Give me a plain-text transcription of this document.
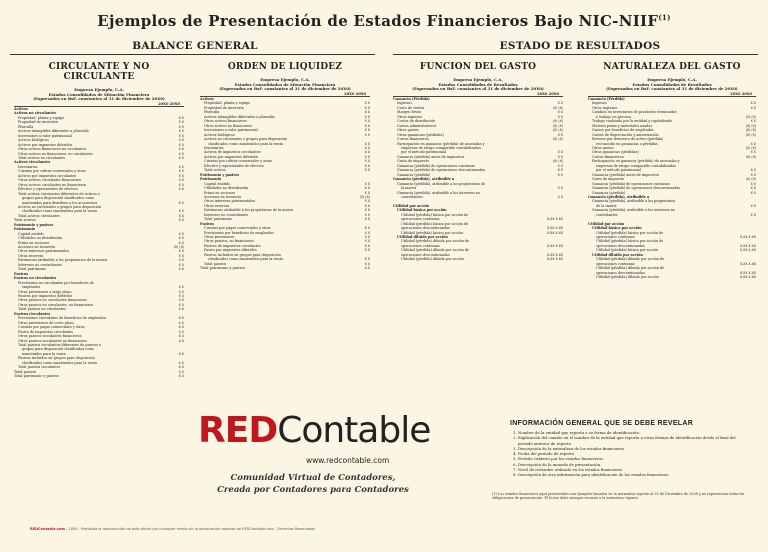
Ejemplos de Presentación de Estados Financieros Bajo NIC-NIIF$^{(1)}$
BALANCE GENERAL	ESTADO DE RESULTADOS
CIRCULANTE Y NO CIRCULANTE
Empresa Ejemplo, C.A.
Estados Consolidados de Situación Financiera
(Expresados en BsF. constantes al 31 de diciembre de 20X0)
20X0 20X0
Activos
Activos no circulantes
Propiedad, planta y equipo	X X
Propiedad de inversión	X X
Plusvalía	X X
Activos intangibles diferentes a plusvalía	X X
Inversiones a valor patrimonial	X X
Activos biológicos	X X
Activos por impuestos diferidos	X X
Otros activos financieros no circulantes	X X
Otros activos no financieros, no circulantes	X X
Total activos no circulantes	X X
Activos circulantes
Inventarios	X X
Cuentas por cobrar comerciales y otras	X X
Activos por impuestos circulantes	X X
Otros activos circulantes financieros	X X
Otros activos circulantes no financieros	X X
Efectivo y equivalentes de efectivo	X X
Total activos circulantes diferentes de activos o
grupos para disposición clasificados como
mantenidos para distribuir a los accionistas	X X
Activos no circulantes o grupos para disposición
clasificados como mantenidos para la venta	X X
Total activos circulantes	X X
Total activos	X X
Patrimonio y pasivos
Patrimonio
Capital emitido	X X
Utilidades no distribuidas	X X
Prima en acciones	X X
Acciones en tesorería	(X) (X)
Otros intereses patrimoniales	X X
Otras reservas	X X
Patrimonio atribuible a los propietarios de la matriz	X X
Intereses no controlantes	X X
Total patrimonio	X X
Pasivos
Pasivos no circulantes
Previsiones no circulantes por beneficios de
empleados	X X
Otras previsiones a largo plazo	X X
Pasivos por impuestos diferidos	X X
Otros pasivos no circulantes financieros	X X
Otros pasivos no circulantes, no financieros	X X
Total pasivos no circulantes	X X
Pasivos circulantes
Previsiones circulantes de beneficios de empleados	X X
Otras previsiones de corto plazo	X X
Cuentas por pagar comerciales y otras	X X
Pasivo de impuestos circulantes	X X
Otros pasivos circulantes financieros	X X
Otros pasivos circulantes no financieros	X X
Total pasivos circulantes diferentes de pasivos e
grupos para disposición clasificados como
mantenidos para la venta	X X
Pasivos incluidos en grupos para disposición
clasificados como mantenidos para la venta	X X
Total pasivos circulantes	X X
Total pasivos	X X
Total patrimonio y pasivos	X X
ORDEN DE LIQUIDEZ
Empresa Ejemplo, C.A.
Estados Consolidados de Situación Financiera
(Expresados en BsF. constantes al 31 de diciembre de 20X0)
20X0 20X0
Activos
Propiedad, planta y equipo	X X
Propiedad de inversión	X X
Plusvalía	X X
Activos intangibles diferentes a plusvalía	X X
Otros activos financieros	X X
Otros activos no financieros	X X
Inversiones a valor patrimonial	X X
Activos biológicos	X X
Activos no circulantes o grupos para disposición
clasificados como mantenidos para la venta	X X
Inventarios	X X
Activos de impuestos circulantes	X X
Activos por impuestos diferidos	X X
Cuentas por cobrar comerciales y otras	X X
Efectivo y equivalentes de efectivo	X X
Total activos	X X
Patrimonio y pasivos
Patrimonio
Capital emitido	X X
Utilidades no distribuidas	X X
Prima en acciones	X X
Acciones en tesorería	(X) (X)
Otros intereses patrimoniales	X X
Otras reservas	X X
Patrimonio atribuible a los propietarios de la matriz	X X
Intereses no controlantes	X X
Total patrimonio	X X
Pasivos
Cuentas por pagar comerciales y otras	X X
Previsiones por beneficios de empleados	X X
Otras previsiones	X X
Otros pasivos, no financieros	X X
Pasivos de impuestos circulantes	X X
Pasivo por impuestos diferidos	X X
Pasivos incluidos en grupos para disposición
clasificados como mantenidos para la venta	X X
Total pasivos	X X
Total patrimonio y pasivos	X X
FUNCION DEL GASTO
Empresa Ejemplo, C.A.
Estados Consolidados de Resultados
(Expresados en BsF. constantes al 31 de diciembre de 20X0)
20X0 20X0
Ganancia (Pérdida)
Ingresos	X X
Costo de ventas	(X) (X)
Margen bruto	X X
Otros ingresos	X X
Costos de distribución	(X) (X)
Gastos administrativos	(X) (X)
Otros gastos	(X) (X)
Otras ganancias (pérdidas)	X X
Costos financieros	(X) (X)
Participación en ganancia (pérdida) de asociadas y
empresas de riesgo compartido contabilizadas
por el método patrimonial	X X
Ganancia (pérdida) antes de impuestos	X X
Gasto de impuesto	(X) (X)
Ganancia (pérdida) de operaciones continuas	X X
Ganancia (pérdida) de operaciones descontinuadas	X X
Ganancia (pérdida)	X X
Ganancia (pérdida), atribuible a
Ganancia (pérdida), atribuible a los propietarios de
la matriz	X X
Ganancia (pérdida), atribuible a los intereses no
controlantes	X X

Utilidad por acción
Utilidad básica por acción
Utilidad (pérdida) básica por acción de
operaciones continuas	X.XX X.XX
Utilidad (pérdida) básica por acción de
operaciones descontinuadas	X.XX X.XX
Utilidad (pérdida) básica por acción	X.XX X.XX
Utilidad diluida por acción
Utilidad (pérdida) diluida por acción de
operaciones continuas	X.XX X.XX
Utilidad (pérdida) diluida por acción de
operaciones descontinuadas	X.XX X.XX
Utilidad (pérdida) diluida por acción	X.XX X.XX
NATURALEZA DEL GASTO
Empresa Ejemplo, C.A.
Estados Consolidados de Resultados
(Expresados en BsF. constantes al 31 de diciembre de 20X0)
20X0 20X0
Ganancia (Pérdida)
Ingresos	X X
Otros ingresos	X X
Cambios en inventarios de productos terminados
y trabajo en proceso	(X) (X)
Trabajo realizado por la entidad y capitalizado	X X
Materia prima y materiales usados	(X) (X)
Gastos por beneficios de empleados	(X) (X)
Gastos de depreciación y amortización	(X) (X)
Reverso por deterioro de activo (pérdida)
reconocido en ganancias o pérdidas	X X
Otros gastos	(X) (X)
Otras ganancias (pérdidas)	X X
Costos financieros	(X) (X)
Participación en ganancia (pérdida) de asociadas y
empresas de riesgo compartido contabilizadas
por el método patrimonial	X X
Ganancia (pérdida) antes de impuestos	X X
Gasto de impuesto	(X) (X)
Ganancia (pérdida) de operaciones continuas	X X
Ganancia (pérdida) de operaciones descontinuadas	X X
Ganancia (pérdida)	X X
Ganancia (pérdida), atribuible a
Ganancia (pérdida), atribuible a los propietarios
de la matriz	X X
Ganancia (pérdida), atribuible a los intereses no
controlantes	X X

Utilidad por acción
Utilidad básica por acción
Utilidad (pérdida) básica por acción de
operaciones continuas	X.XX X.XX
Utilidad (pérdida) básica por acción de
operaciones descontinuadas	X.XX X.XX
Utilidad (pérdida) básica por acción	X.XX X.XX
Utilidad diluida por acción
Utilidad (pérdida) diluida por acción de
operaciones continuas	X.XX X.XX
Utilidad (pérdida) diluida por acción de
operaciones descontinuadas	X.XX X.XX
Utilidad (pérdida) diluida por acción	X.XX X.XX
REDContable
www.redcontable.com
Comunidad Virtual de Contadores,
Creada por Contadores para Contadores
INFORMACIÓN GENERAL QUE SE DEBE REVELAR
1. Nombre de la entidad que reporta o su forma de identificación.
2. Explicación del cambio en el nombre de la entidad que reporta u otras formas de identificación desde el final del período anterior de reporte.
3. Descripción de la naturaleza de los estados financieros.
4. Fecha del período de reporte.
5. Período cubierto por los estados financieros.
6. Descripción de la moneda de presentación.
7. Nivel de redondeo utilizado en los estados financieros.
8. Descripción de otra información para identificación de los estados financieros.
(1) Los estados financieros aquí presentados son ejemplos basados en la normativa vigente al 31 de Diciembre de 2008 y no representan todas las obligaciones de presentación. El lector debe siempre recurrir a la normativa vigente.
REDContable.com - 2009 - Prohibida la reproducción de este afiche por cualquier medio sin la autorización expresa de REDContable.com - Derechos Reservados
